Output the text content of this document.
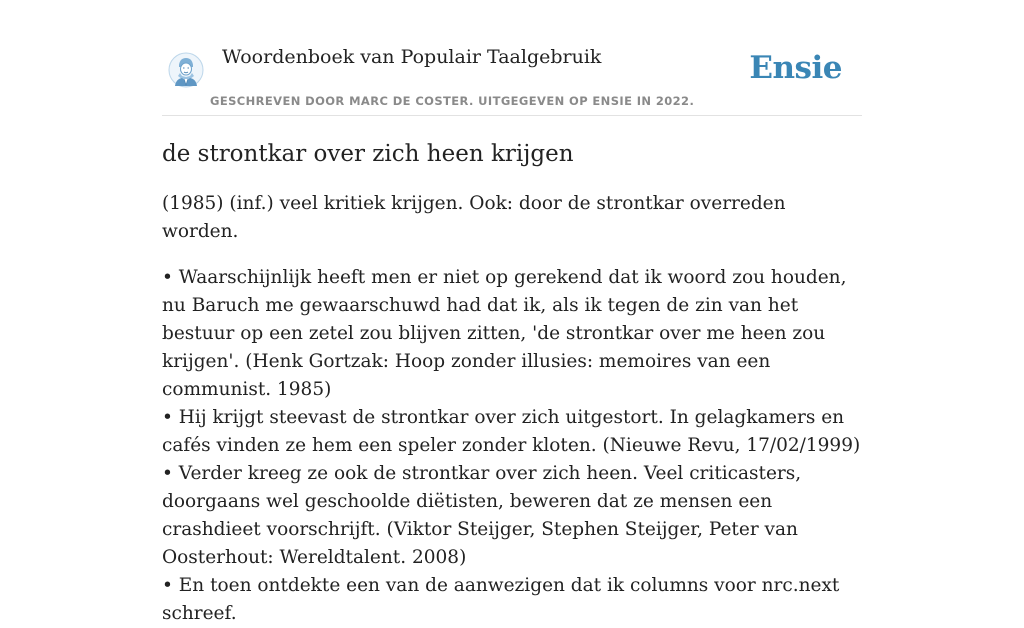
Woordenboek van Populair Taalgebruik
GESCHREVEN DOOR MARC DE COSTER. UITGEGEVEN OP ENSIE IN 2022.
Ensie
de strontkar over zich heen krijgen

(1985) (inf.) veel kritiek krijgen. Ook: door de strontkar overreden worden.

• Waarschijnlijk heeft men er niet op gerekend dat ik woord zou houden, nu Baruch me gewaarschuwd had dat ik, als ik tegen de zin van het bestuur op een zetel zou blijven zitten, 'de strontkar over me heen zou krijgen'. (Henk Gortzak: Hoop zonder illusies: memoires van een communist. 1985)

• Hij krijgt steevast de strontkar over zich uitgestort. In gelagkamers en cafés vinden ze hem een speler zonder kloten. (Nieuwe Revu, 17/02/1999)

• Verder kreeg ze ook de strontkar over zich heen. Veel criticasters, doorgaans wel geschoolde diëtisten, beweren dat ze mensen een crashdieet voorschrijft. (Viktor Steijger, Stephen Steijger, Peter van Oosterhout: Wereldtalent. 2008)

• En toen ontdekte een van de aanwezigen dat ik columns voor nrc.next schreef.
